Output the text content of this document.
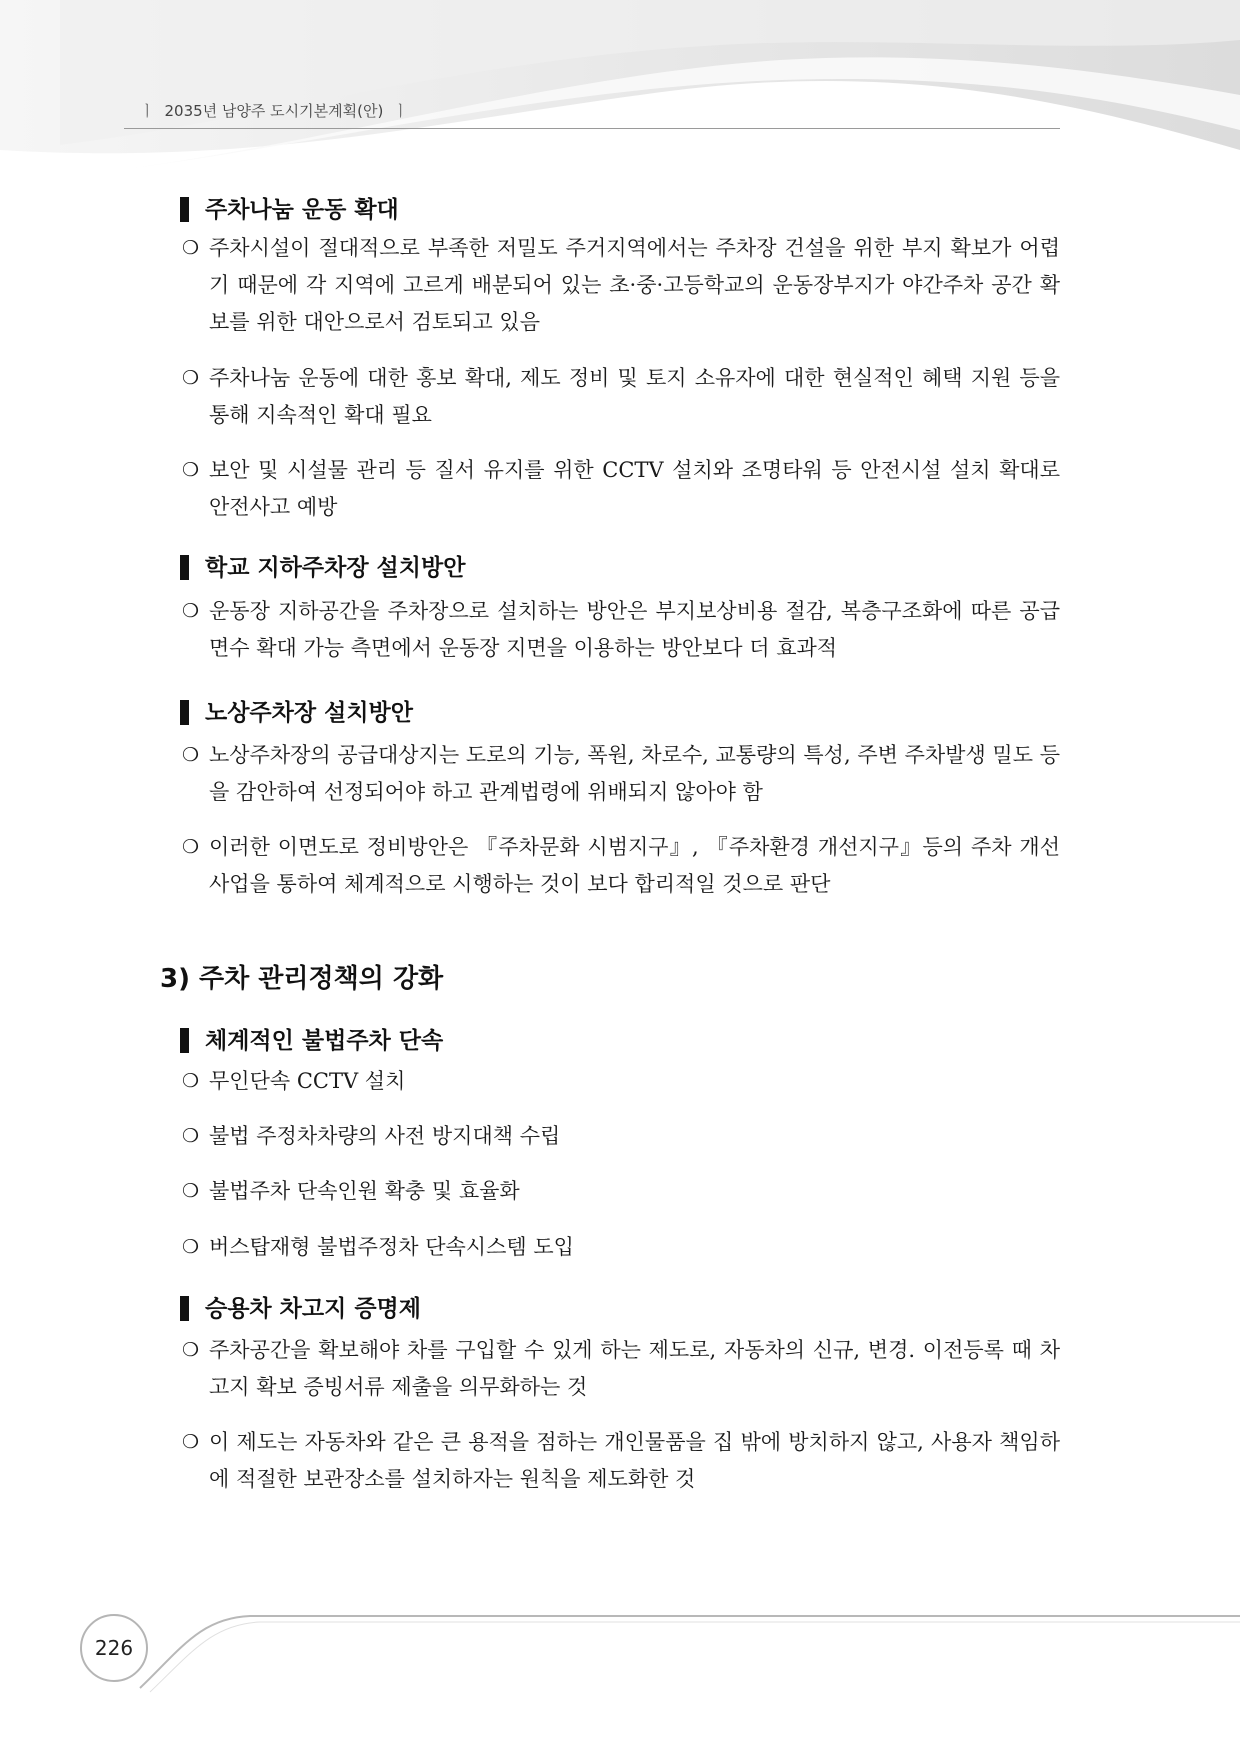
ㅣ 2035년 남양주 도시기본계획(안) ㅣ
주차나눔 운동 확대
❍ 주차시설이 절대적으로 부족한 저밀도 주거지역에서는 주차장 건설을 위한 부지 확보가 어렵기 때문에 각 지역에 고르게 배분되어 있는 초·중·고등학교의 운동장부지가 야간주차 공간 확보를 위한 대안으로서 검토되고 있음
❍ 주차나눔 운동에 대한 홍보 확대, 제도 정비 및 토지 소유자에 대한 현실적인 혜택 지원 등을 통해 지속적인 확대 필요
❍ 보안 및 시설물 관리 등 질서 유지를 위한 CCTV 설치와 조명타워 등 안전시설 설치 확대로 안전사고 예방
학교 지하주차장 설치방안
❍ 운동장 지하공간을 주차장으로 설치하는 방안은 부지보상비용 절감, 복층구조화에 따른 공급면수 확대 가능 측면에서 운동장 지면을 이용하는 방안보다 더 효과적
노상주차장 설치방안
❍ 노상주차장의 공급대상지는 도로의 기능, 폭원, 차로수, 교통량의 특성, 주변 주차발생 밀도 등을 감안하여 선정되어야 하고 관계법령에 위배되지 않아야 함
❍ 이러한 이면도로 정비방안은 『주차문화 시범지구』, 『주차환경 개선지구』등의 주차 개선사업을 통하여 체계적으로 시행하는 것이 보다 합리적일 것으로 판단
3) 주차 관리정책의 강화
체계적인 불법주차 단속
❍ 무인단속 CCTV 설치
❍ 불법 주정차차량의 사전 방지대책 수립
❍ 불법주차 단속인원 확충 및 효율화
❍ 버스탑재형 불법주정차 단속시스템 도입
승용차 차고지 증명제
❍ 주차공간을 확보해야 차를 구입할 수 있게 하는 제도로, 자동차의 신규, 변경. 이전등록 때 차고지 확보 증빙서류 제출을 의무화하는 것
❍ 이 제도는 자동차와 같은 큰 용적을 점하는 개인물품을 집 밖에 방치하지 않고, 사용자 책임하에 적절한 보관장소를 설치하자는 원칙을 제도화한 것
226
